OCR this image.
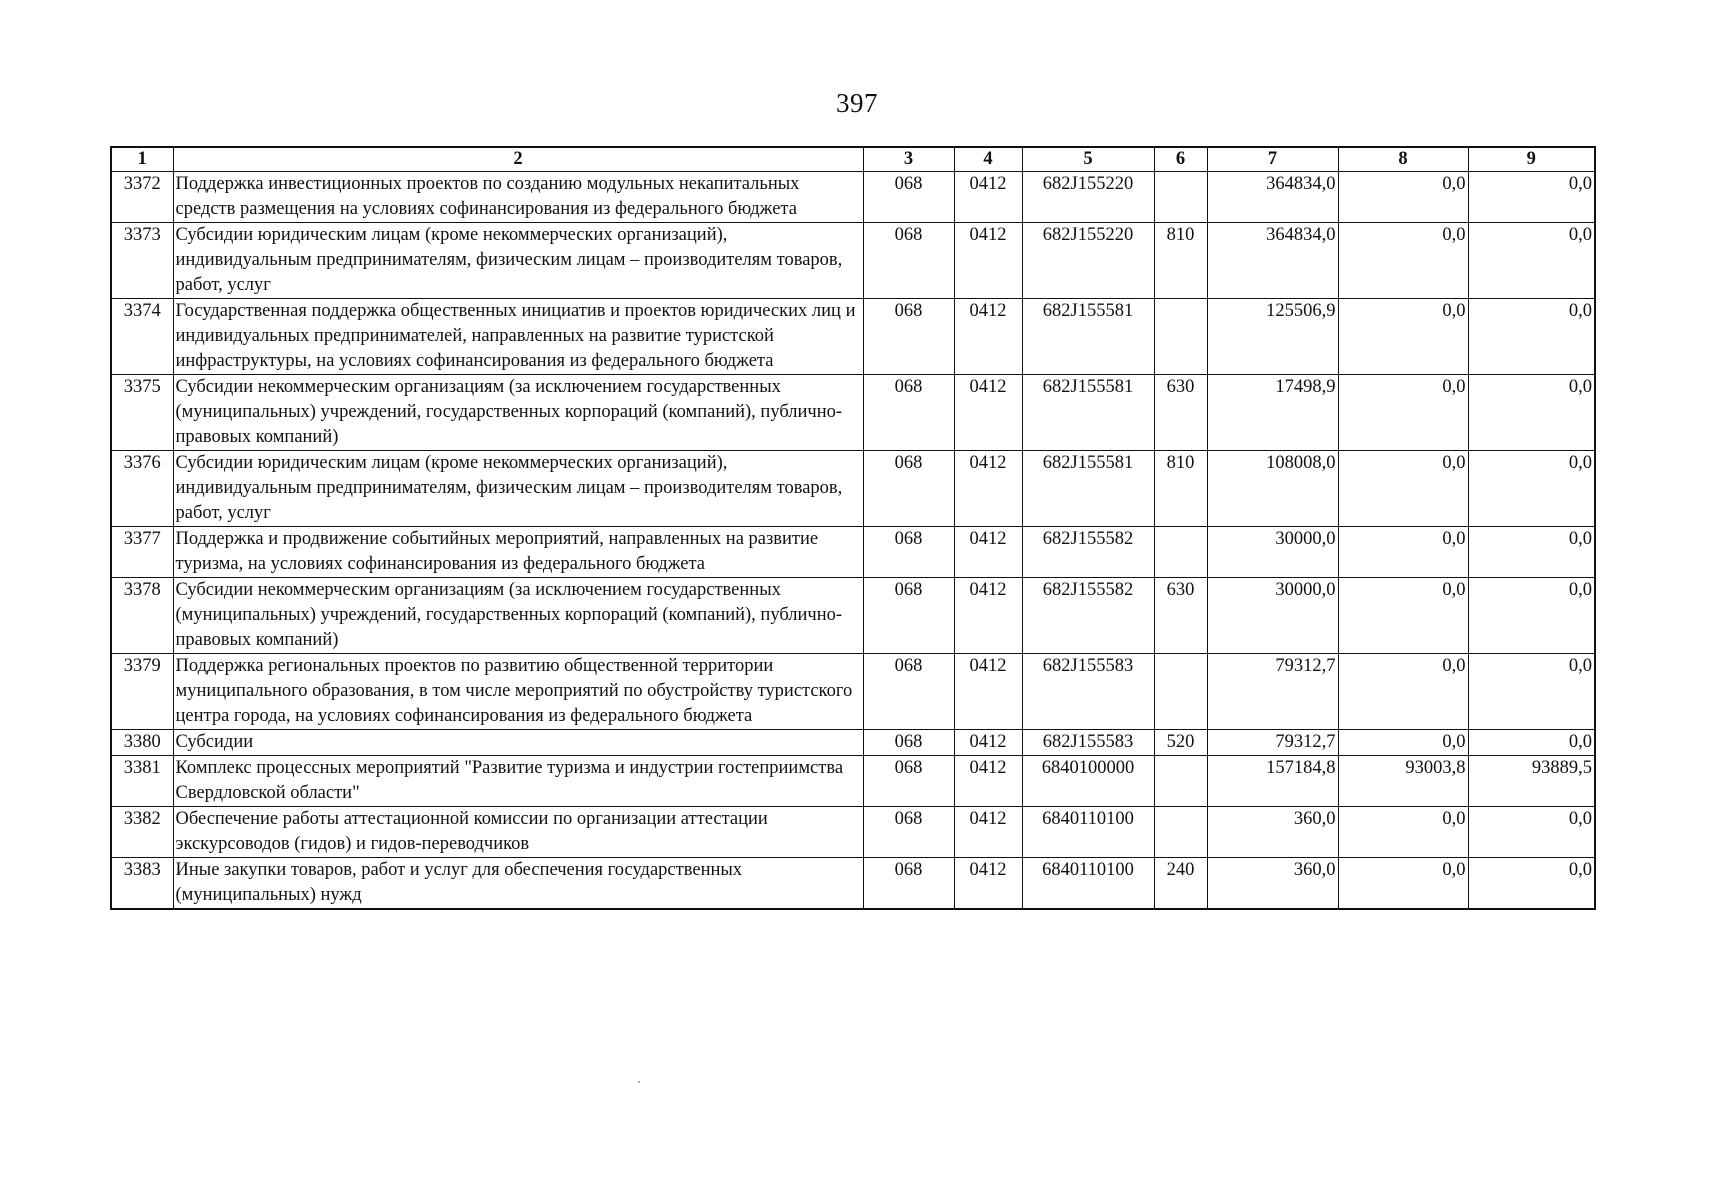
397
1	2	3	4	5	6	7	8	9
3372	Поддержка инвестиционных проектов по созданию модульных некапитальных средств размещения на условиях софинансирования из федерального бюджета	068	0412	682J155220		364834,0	0,0	0,0
3373	Субсидии юридическим лицам (кроме некоммерческих организаций), индивидуальным предпринимателям, физическим лицам – производителям товаров, работ, услуг	068	0412	682J155220	810	364834,0	0,0	0,0
3374	Государственная поддержка общественных инициатив и проектов юридических лиц и индивидуальных предпринимателей, направленных на развитие туристской инфраструктуры, на условиях софинансирования из федерального бюджета	068	0412	682J155581		125506,9	0,0	0,0
3375	Субсидии некоммерческим организациям (за исключением государственных (муниципальных) учреждений, государственных корпораций (компаний), публично-правовых компаний)	068	0412	682J155581	630	17498,9	0,0	0,0
3376	Субсидии юридическим лицам (кроме некоммерческих организаций), индивидуальным предпринимателям, физическим лицам – производителям товаров, работ, услуг	068	0412	682J155581	810	108008,0	0,0	0,0
3377	Поддержка и продвижение событийных мероприятий, направленных на развитие туризма, на условиях софинансирования из федерального бюджета	068	0412	682J155582		30000,0	0,0	0,0
3378	Субсидии некоммерческим организациям (за исключением государственных (муниципальных) учреждений, государственных корпораций (компаний), публично-правовых компаний)	068	0412	682J155582	630	30000,0	0,0	0,0
3379	Поддержка региональных проектов по развитию общественной территории муниципального образования, в том числе мероприятий по обустройству туристского центра города, на условиях софинансирования из федерального бюджета	068	0412	682J155583		79312,7	0,0	0,0
3380	Субсидии	068	0412	682J155583	520	79312,7	0,0	0,0
3381	Комплекс процессных мероприятий "Развитие туризма и индустрии гостеприимства Свердловской области"	068	0412	6840100000		157184,8	93003,8	93889,5
3382	Обеспечение работы аттестационной комиссии по организации аттестации экскурсоводов (гидов) и гидов-переводчиков	068	0412	6840110100		360,0	0,0	0,0
3383	Иные закупки товаров, работ и услуг для обеспечения государственных (муниципальных) нужд	068	0412	6840110100	240	360,0	0,0	0,0
